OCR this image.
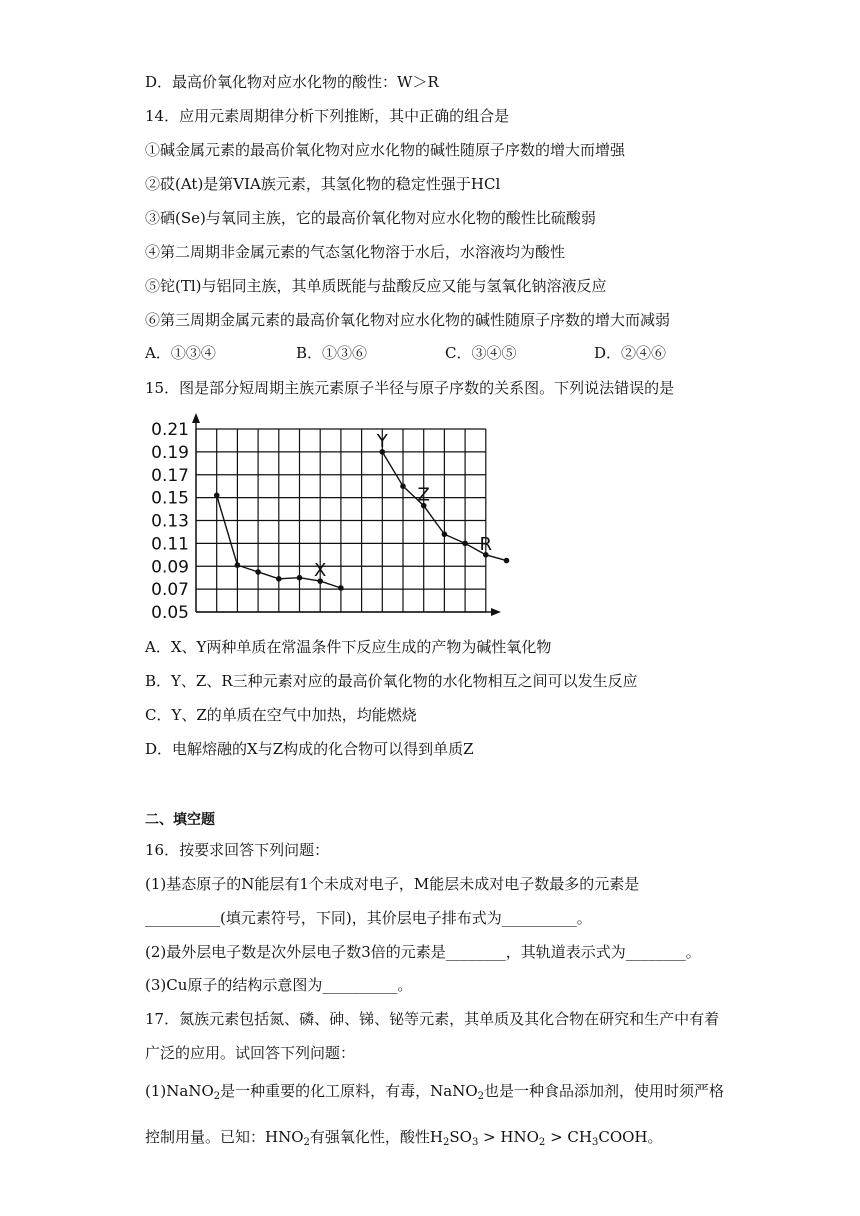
D．最高价氧化物对应水化物的酸性：W＞R
14．应用元素周期律分析下列推断，其中正确的组合是
①碱金属元素的最高价氧化物对应水化物的碱性随原子序数的增大而增强
②砹(At)是第VIA族元素，其氢化物的稳定性强于HCl
③硒(Se)与氧同主族，它的最高价氧化物对应水化物的酸性比硫酸弱
④第二周期非金属元素的气态氢化物溶于水后，水溶液均为酸性
⑤铊(Tl)与铝同主族，其单质既能与盐酸反应又能与氢氧化钠溶液反应
⑥第三周期金属元素的最高价氧化物对应水化物的碱性随原子序数的增大而减弱
A．①③④	B．①③⑥	C．③④⑤	D．②④⑥
15．图是部分短周期主族元素原子半径与原子序数的关系图。下列说法错误的是
0.21
0.19
0.17
0.15
0.13
0.11
0.09
0.07
0.05
X
Y
Z
R
A．X、Y两种单质在常温条件下反应生成的产物为碱性氧化物
B．Y、Z、R三种元素对应的最高价氧化物的水化物相互之间可以发生反应
C．Y、Z的单质在空气中加热，均能燃烧
D．电解熔融的X与Z构成的化合物可以得到单质Z
二、填空题
16．按要求回答下列问题：
(1)基态原子的N能层有1个未成对电子，M能层未成对电子数最多的元素是
__________(填元素符号，下同)，其价层电子排布式为__________。
(2)最外层电子数是次外层电子数3倍的元素是________，其轨道表示式为________。
(3)Cu原子的结构示意图为__________。
17．氮族元素包括氮、磷、砷、锑、铋等元素，其单质及其化合物在研究和生产中有着
广泛的应用。试回答下列问题：
(1)NaNO$_2$是一种重要的化工原料，有毒，NaNO$_2$也是一种食品添加剂，使用时须严格
控制用量。已知：$HNO_2$有强氧化性，酸性$H_2SO_3 > HNO_2$ > $CH_3COOH$。
